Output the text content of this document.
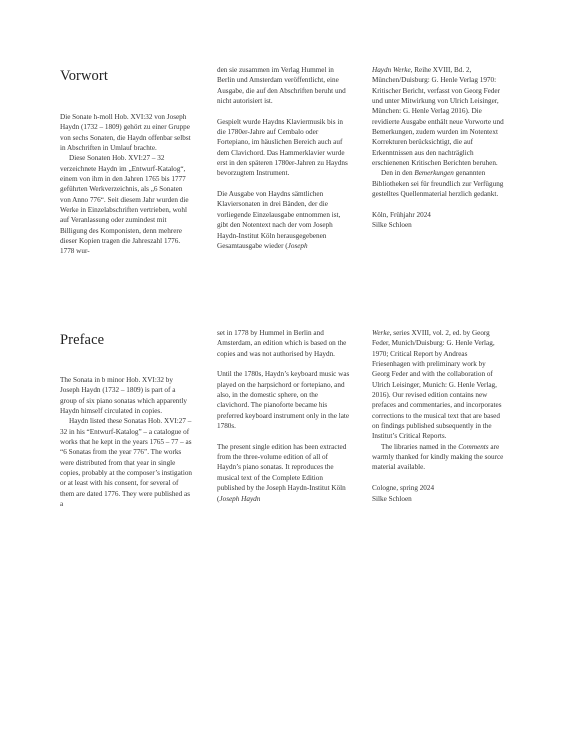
Vorwort

Die Sonate h-moll Hob. XVI:32 von Joseph Haydn (1732 – 1809) gehört zu einer Gruppe von sechs Sonaten, die Haydn offenbar selbst in Abschriften in Umlauf brachte.

Diese Sonaten Hob. XVI:27 – 32 verzeichnete Haydn im „Entwurf-Katalog“, einem von ihm in den Jahren 1765 bis 1777 geführten Werkverzeichnis, als „6 Sonaten von Anno 776“. Seit diesem Jahr wurden die Werke in Einzelabschriften vertrieben, wohl auf Veranlassung oder zumindest mit Billigung des Komponisten, denn mehrere dieser Kopien tragen die Jahreszahl 1776. 1778 wur-

den sie zusammen im Verlag Hummel in Berlin und Amsterdam veröffentlicht, eine Ausgabe, die auf den Abschriften beruht und nicht autorisiert ist.

Gespielt wurde Haydns Klaviermusik bis in die 1780er-Jahre auf Cembalo oder Fortepiano, im häuslichen Bereich auch auf dem Clavichord. Das Hammerklavier wurde erst in den späteren 1780er-Jahren zu Haydns bevorzugtem Instrument.

Die Ausgabe von Haydns sämtlichen Klaviersonaten in drei Bänden, der die vorliegende Einzelausgabe entnommen ist, gibt den Notentext nach der vom Joseph Haydn-Institut Köln herausgegebenen Gesamtausgabe wieder (Joseph

Haydn Werke, Reihe XVIII, Bd. 2, München/Duisburg: G. Henle Verlag 1970: Kritischer Bericht, verfasst von Georg Feder und unter Mitwirkung von Ulrich Leisinger, München: G. Henle Verlag 2016). Die revidierte Ausgabe enthält neue Vorworte und Bemerkungen, zudem wurden im Notentext Korrekturen berücksichtigt, die auf Erkenntnissen aus den nachträglich erschienenen Kritischen Berichten beruhen.

Den in den Bemerkungen genannten Bibliotheken sei für freundlich zur Verfügung gestelltes Quellenmaterial herzlich gedankt.

Köln, Frühjahr 2024

Silke Schloen

Preface

The Sonata in b minor Hob. XVI:32 by Joseph Haydn (1732 – 1809) is part of a group of six piano sonatas which apparently Haydn himself circulated in copies.

Haydn listed these Sonatas Hob. XVI:27 – 32 in his “Entwurf-Katalog” – a catalogue of works that he kept in the years 1765 – 77 – as “6 Sonatas from the year 776”. The works were distributed from that year in single copies, probably at the composer’s instigation or at least with his consent, for several of them are dated 1776. They were published as a

set in 1778 by Hummel in Berlin and Amsterdam, an edition which is based on the copies and was not authorised by Haydn.

Until the 1780s, Haydn’s keyboard music was played on the harpsichord or fortepiano, and also, in the domestic sphere, on the clavichord. The pianoforte became his preferred keyboard instrument only in the late 1780s.

The present single edition has been extracted from the three-volume edition of all of Haydn’s piano sonatas. It reproduces the musical text of the Complete Edition published by the Joseph Haydn-Institut Köln (Joseph Haydn

Werke, series XVIII, vol. 2, ed. by Georg Feder, Munich/Duisburg: G. Henle Verlag, 1970; Critical Report by Andreas Friesenhagen with preliminary work by Georg Feder and with the collaboration of Ulrich Leisinger, Munich: G. Henle Verlag, 2016). Our revised edition contains new prefaces and commentaries, and incorporates corrections to the musical text that are based on findings published subsequently in the Institut’s Critical Reports.

The libraries named in the Comments are warmly thanked for kindly making the source material available.

Cologne, spring 2024

Silke Schloen
